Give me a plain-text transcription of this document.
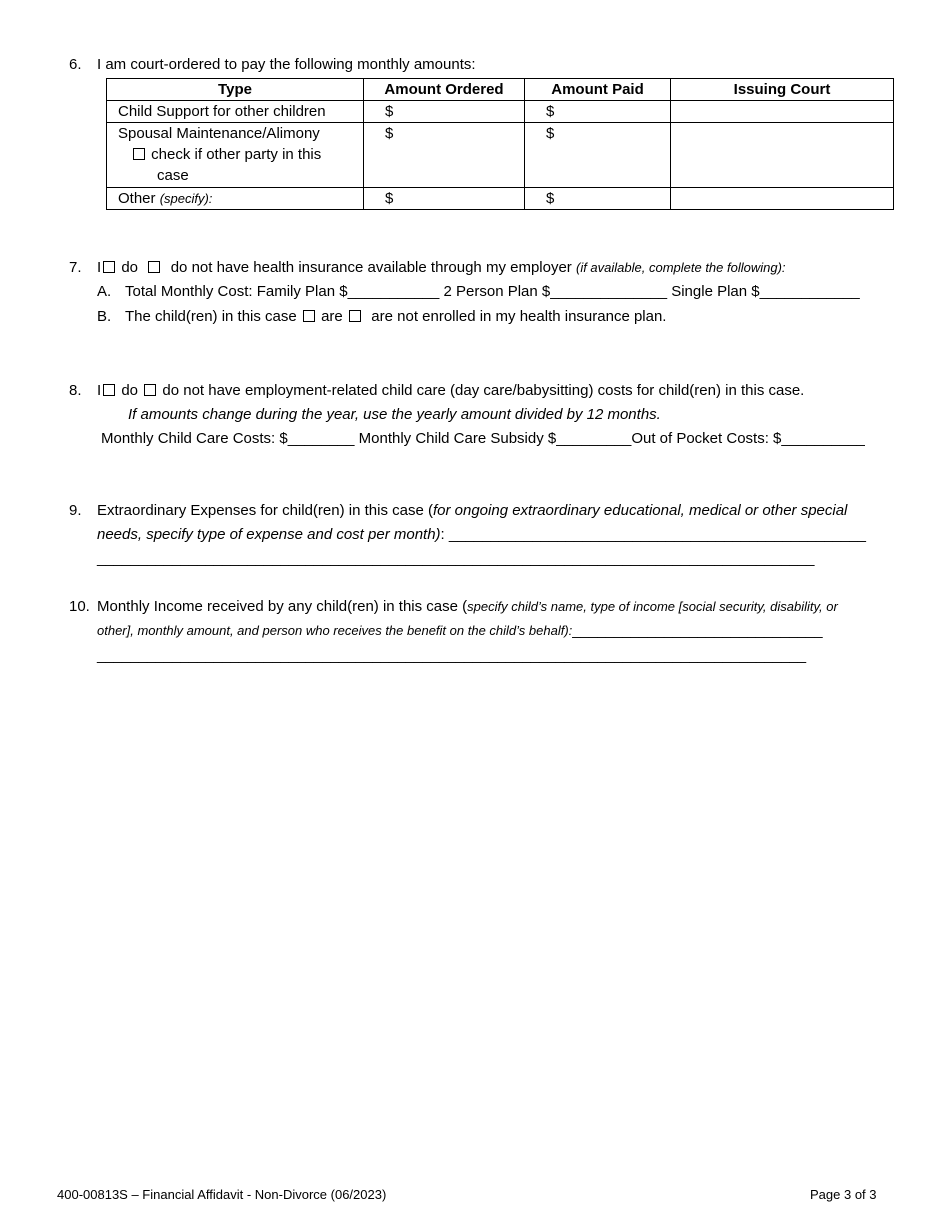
6. I am court-ordered to pay the following monthly amounts:
Type	Amount Ordered	Amount Paid	Issuing Court
Child Support for other children	$	$	

Spousal Maintenance/Alimony
check if other party in this
case	$	$	
Other (specify):	$	$	
7. I do do not have health insurance available through my employer (if available, complete the following):
A. Total Monthly Cost: Family Plan $___________ 2 Person Plan $______________ Single Plan $____________
B. The child(ren) in this case are are not enrolled in my health insurance plan.
8. I do do not have employment-related child care (day care/babysitting) costs for child(ren) in this case.
If amounts change during the year, use the yearly amount divided by 12 months.
Monthly Child Care Costs: $________ Monthly Child Care Subsidy $_________Out of Pocket Costs: $__________
9. Extraordinary Expenses for child(ren) in this case (for ongoing extraordinary educational, medical or other special
needs, specify type of expense and cost per month): __________________________________________________
______________________________________________________________________________________
10. Monthly Income received by any child(ren) in this case (specify child’s name, type of income [social security, disability, or
other], monthly amount, and person who receives the benefit on the child’s behalf):______________________________
_____________________________________________________________________________________
400-00813S – Financial Affidavit - Non-Divorce (06/2023)	Page 3 of 3
